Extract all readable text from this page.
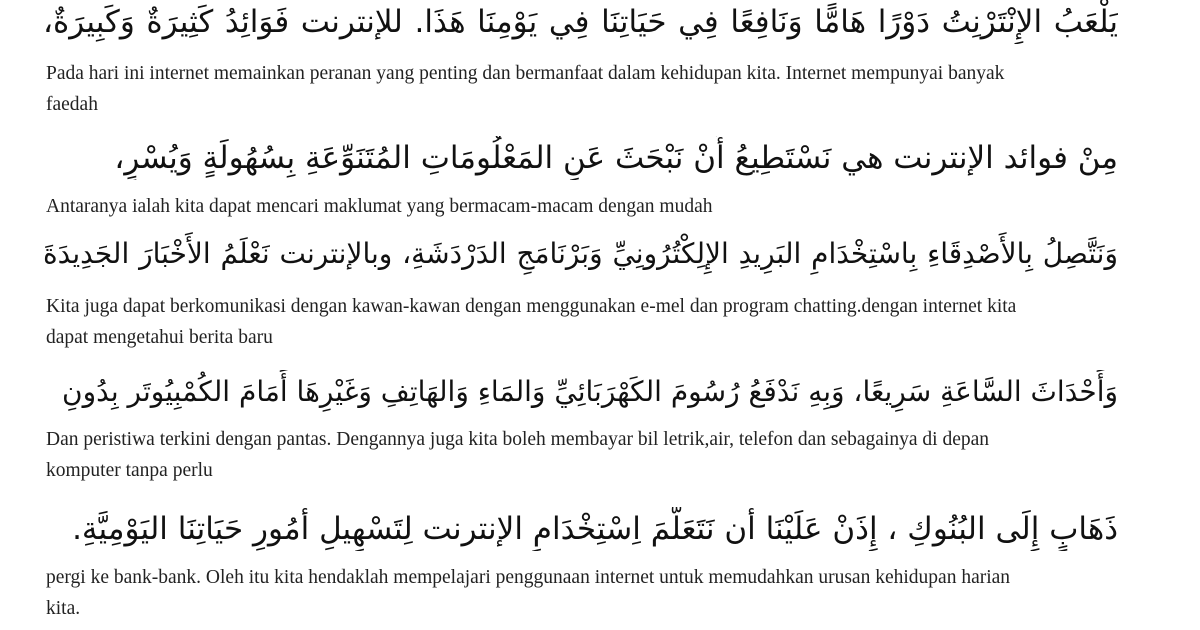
يَلْعَبُ الإِنْتَرْنِتُ دَوْرًا هَامًّا وَنَافِعًا فِي حَيَاتِنَا فِي يَوْمِنَا هَذَا. للإنترنت فَوَائِدُ كَثِيرَةٌ وَكَبِيرَةٌ،
Pada hari ini internet memainkan peranan yang penting dan bermanfaat dalam kehidupan kita. Internet mempunyai banyak faedah
مِنْ فوائد الإنترنت هي نَسْتَطِيعُ أَنْ نَبْحَثَ عَنِ المَعْلُومَاتِ المُتَنَوِّعَةِ بِسُهُولَةٍ وَيُسْرٍ،
Antaranya ialah kita dapat mencari maklumat yang bermacam-macam dengan mudah
وَنَتَّصِلُ بِالأَصْدِقَاءِ بِاسْتِخْدَامِ البَرِيدِ الإِلِكْتُرُونِيِّ وَبَرْنَامَجِ الدَرْدَشَةِ، وبالإنترنت نَعْلَمُ الأَخْبَارَ الجَدِيدَةَ
Kita juga dapat berkomunikasi dengan kawan-kawan dengan menggunakan e-mel dan program chatting.dengan internet kita dapat mengetahui berita baru
وَأَحْدَاثَ السَّاعَةِ سَرِيعًا، وَبِهِ نَدْفَعُ رُسُومَ الكَهْرَبَائِيِّ وَالمَاءِ وَالهَاتِفِ وَغَيْرِهَا أَمَامَ الكُمْبِيُوتَر بِدُونِ
Dan peristiwa terkini dengan pantas. Dengannya juga kita boleh membayar bil letrik,air, telefon dan sebagainya di depan komputer tanpa perlu
ذَهَابٍ إِلَى البُنُوكِ ، إِذَنْ عَلَيْنَا أن نَتَعَلَّمَ اِسْتِخْدَامِ الإنترنت لِتَسْهِيلِ أُمُورِ حَيَاتِنَا اليَوْمِيَّةِ.
pergi ke bank-bank. Oleh itu kita hendaklah mempelajari penggunaan internet untuk memudahkan urusan kehidupan harian kita.
